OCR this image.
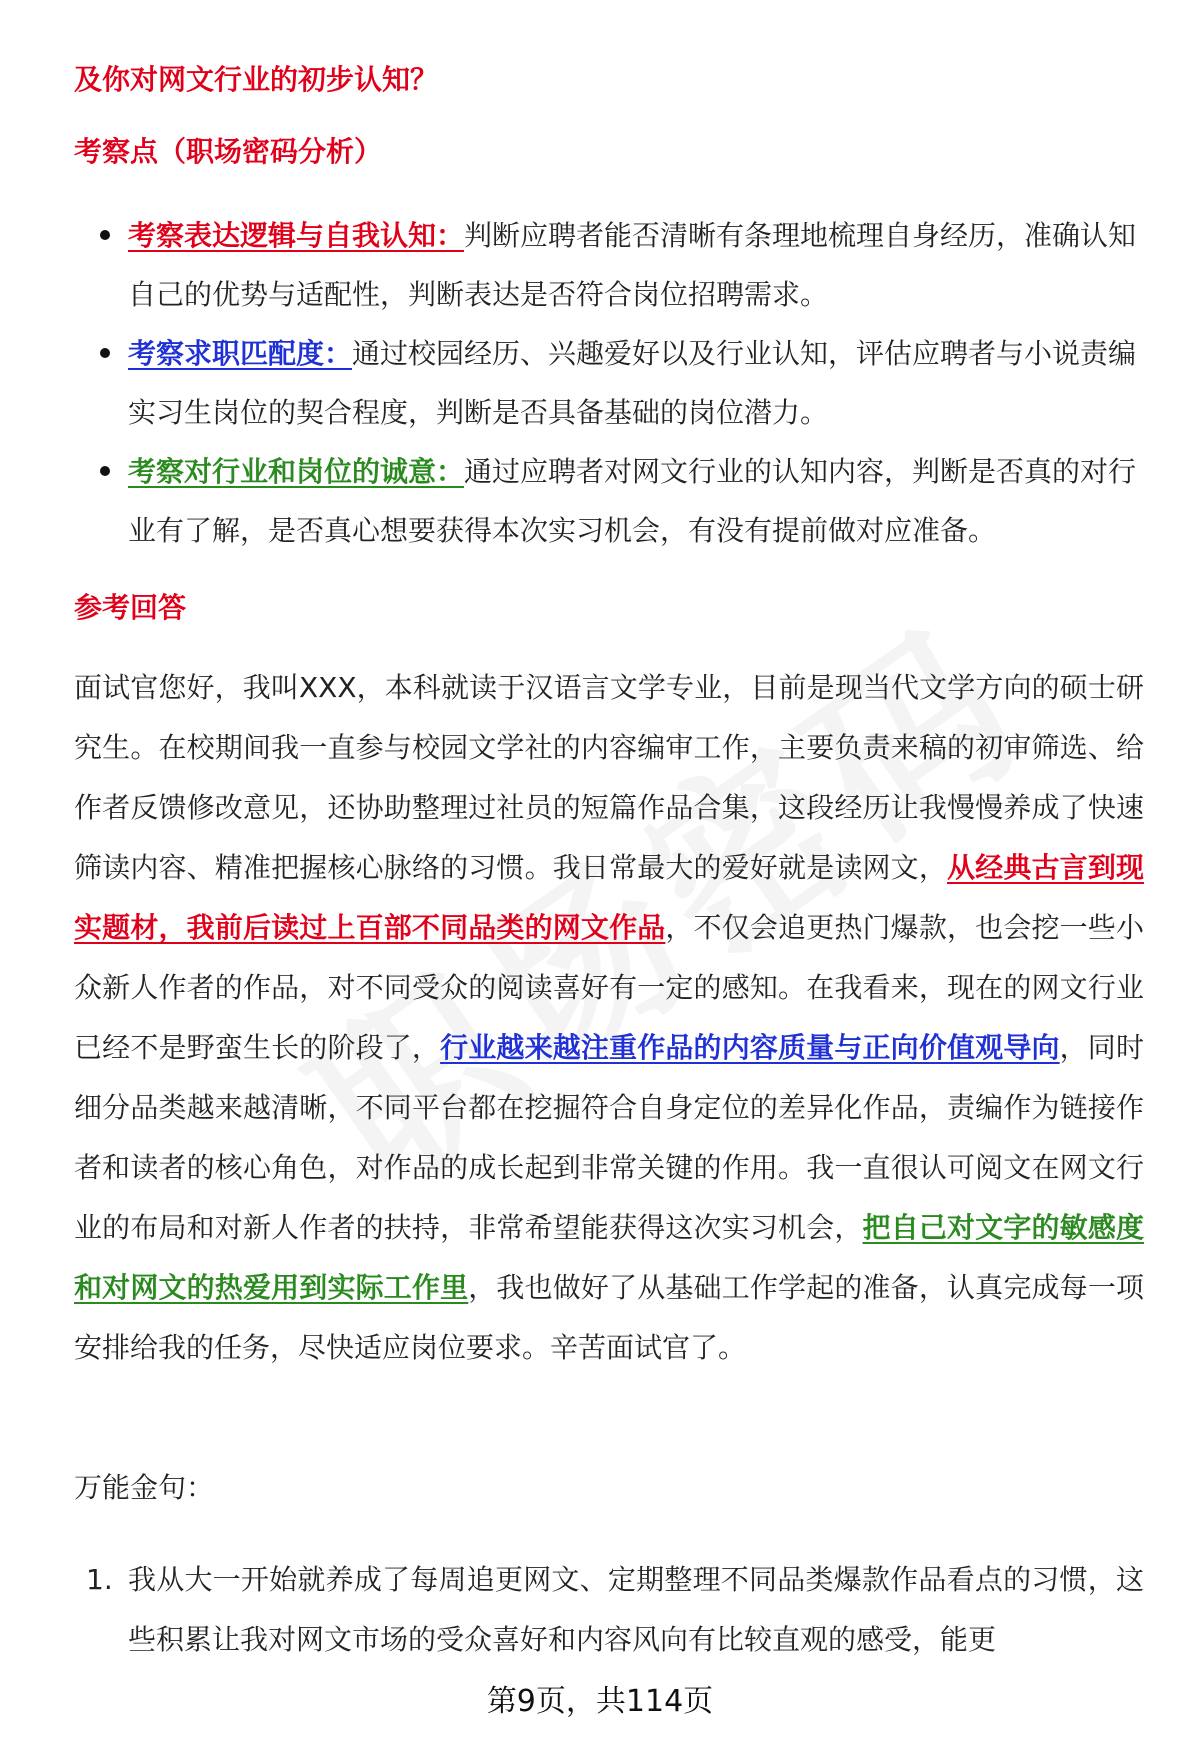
及你对网文行业的初步认知？

考察点（职场密码分析）

考察表达逻辑与自我认知：判断应聘者能否清晰有条理地梳理自身经历，准确认知自己的优势与适配性，判断表达是否符合岗位招聘需求。
考察求职匹配度：通过校园经历、兴趣爱好以及行业认知，评估应聘者与小说责编实习生岗位的契合程度，判断是否具备基础的岗位潜力。
考察对行业和岗位的诚意：通过应聘者对网文行业的认知内容，判断是否真的对行业有了解，是否真心想要获得本次实习机会，有没有提前做对应准备。

参考回答

面试官您好，我叫XXX，本科就读于汉语言文学专业，目前是现当代文学方向的硕士研究生。在校期间我一直参与校园文学社的内容编审工作，主要负责来稿的初审筛选、给作者反馈修改意见，还协助整理过社员的短篇作品合集，这段经历让我慢慢养成了快速筛读内容、精准把握核心脉络的习惯。我日常最大的爱好就是读网文，从经典古言到现实题材，我前后读过上百部不同品类的网文作品，不仅会追更热门爆款，也会挖一些小众新人作者的作品，对不同受众的阅读喜好有一定的感知。在我看来，现在的网文行业已经不是野蛮生长的阶段了，行业越来越注重作品的内容质量与正向价值观导向，同时细分品类越来越清晰，不同平台都在挖掘符合自身定位的差异化作品，责编作为链接作者和读者的核心角色，对作品的成长起到非常关键的作用。我一直很认可阅文在网文行业的布局和对新人作者的扶持，非常希望能获得这次实习机会，把自己对文字的敏感度和对网文的热爱用到实际工作里，我也做好了从基础工作学起的准备，认真完成每一项安排给我的任务，尽快适应岗位要求。辛苦面试官了。

万能金句：

1. 我从大一开始就养成了每周追更网文、定期整理不同品类爆款作品看点的习惯，这些积累让我对网文市场的受众喜好和内容风向有比较直观的感受，能更
第9页，共114页
